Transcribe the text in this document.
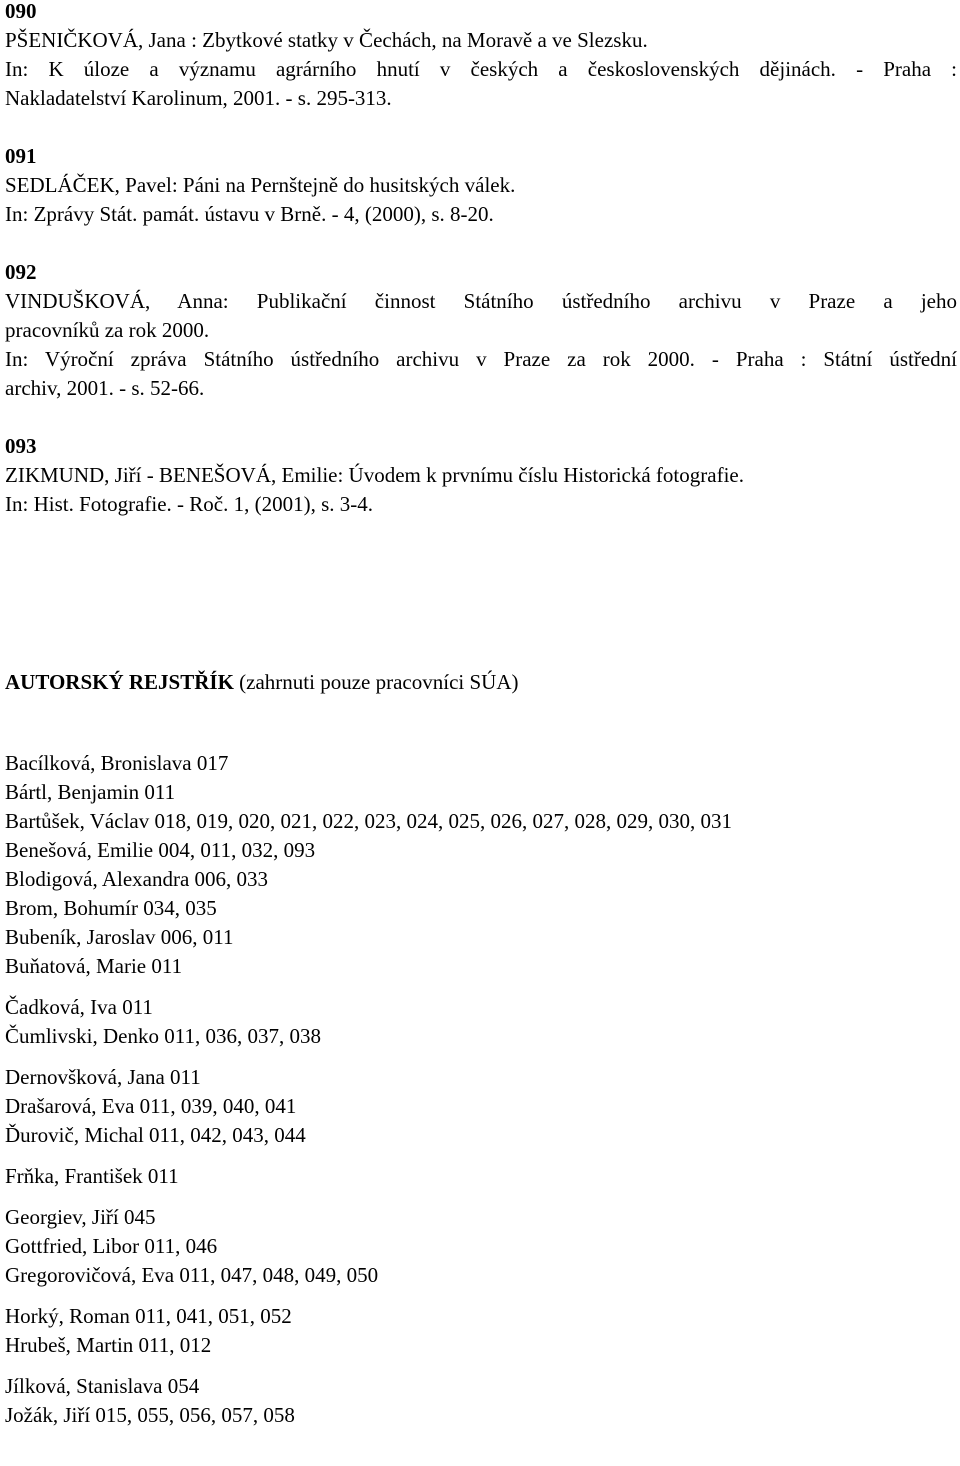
090
PŠENIČKOVÁ, Jana : Zbytkové statky v Čechách, na Moravě a ve Slezsku.
In: K úloze a významu agrárního hnutí v českých a československých dějinách. - Praha :
Nakladatelství Karolinum, 2001. - s. 295-313.
091
SEDLÁČEK, Pavel: Páni na Pernštejně do husitských válek.
In: Zprávy Stát. památ. ústavu v Brně. - 4, (2000), s. 8-20.
092
VINDUŠKOVÁ, Anna: Publikační činnost Státního ústředního archivu v Praze a jeho
pracovníků za rok 2000.
In: Výroční zpráva Státního ústředního archivu v Praze za rok 2000. - Praha : Státní ústřední
archiv, 2001. - s. 52-66.
093
ZIKMUND, Jiří - BENEŠOVÁ, Emilie: Úvodem k prvnímu číslu Historická fotografie.
In: Hist. Fotografie. - Roč. 1, (2001), s. 3-4.
AUTORSKÝ REJSTŘÍK (zahrnuti pouze pracovníci SÚA)
Bacílková, Bronislava 017
Bártl, Benjamin 011
Bartůšek, Václav 018, 019, 020, 021, 022, 023, 024, 025, 026, 027, 028, 029, 030, 031
Benešová, Emilie 004, 011, 032, 093
Blodigová, Alexandra 006, 033
Brom, Bohumír 034, 035
Bubeník, Jaroslav 006, 011
Buňatová, Marie 011
Čadková, Iva 011
Čumlivski, Denko 011, 036, 037, 038
Dernovšková, Jana 011
Drašarová, Eva 011, 039, 040, 041
Ďurovič, Michal 011, 042, 043, 044
Frňka, František 011
Georgiev, Jiří 045
Gottfried, Libor 011, 046
Gregorovičová, Eva 011, 047, 048, 049, 050
Horký, Roman 011, 041, 051, 052
Hrubeš, Martin 011, 012
Jílková, Stanislava 054
Jožák, Jiří 015, 055, 056, 057, 058
